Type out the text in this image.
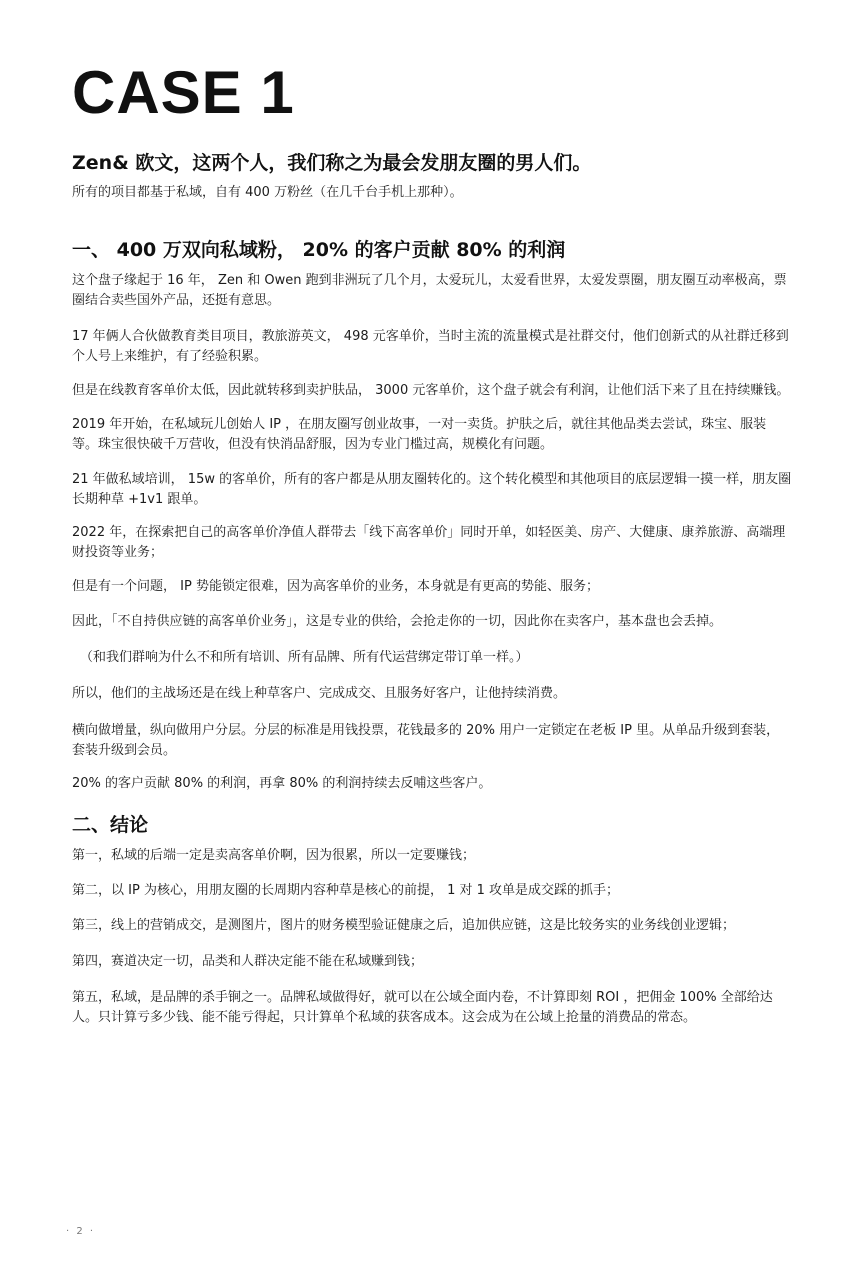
CASE 1
Zen& 欧文，这两个人，我们称之为最会发朋友圈的男人们。

所有的项目都基于私域，自有 400 万粉丝（在几千台手机上那种）。

一、 400 万双向私域粉， 20% 的客户贡献 80% 的利润

这个盘子缘起于 16 年， Zen 和 Owen 跑到非洲玩了几个月，太爱玩儿，太爱看世界，太爱发票圈，朋友圈互动率极高，票圈结合卖些国外产品，还挺有意思。

17 年俩人合伙做教育类目项目，教旅游英文， 498 元客单价，当时主流的流量模式是社群交付，他们创新式的从社群迁移到个人号上来维护，有了经验积累。

但是在线教育客单价太低，因此就转移到卖护肤品， 3000 元客单价，这个盘子就会有利润，让他们活下来了且在持续赚钱。

2019 年开始，在私域玩儿创始人 IP ，在朋友圈写创业故事，一对一卖货。护肤之后，就往其他品类去尝试，珠宝、服装等。珠宝很快破千万营收，但没有快消品舒服，因为专业门槛过高，规模化有问题。

21 年做私域培训， 15w 的客单价，所有的客户都是从朋友圈转化的。这个转化模型和其他项目的底层逻辑一摸一样，朋友圈长期种草 +1v1 跟单。

2022 年，在探索把自己的高客单价净值人群带去「线下高客单价」同时开单，如轻医美、房产、大健康、康养旅游、高端理财投资等业务；

但是有一个问题， IP 势能锁定很难，因为高客单价的业务，本身就是有更高的势能、服务；

因此，「不自持供应链的高客单价业务」，这是专业的供给，会抢走你的一切，因此你在卖客户，基本盘也会丢掉。

（和我们群响为什么不和所有培训、所有品牌、所有代运营绑定带订单一样。）

所以，他们的主战场还是在线上种草客户、完成成交、且服务好客户，让他持续消费。

横向做增量，纵向做用户分层。分层的标准是用钱投票，花钱最多的 20% 用户一定锁定在老板 IP 里。从单品升级到套装，套装升级到会员。

20% 的客户贡献 80% 的利润，再拿 80% 的利润持续去反哺这些客户。

二、结论

第一，私域的后端一定是卖高客单价啊，因为很累，所以一定要赚钱；

第二，以 IP 为核心，用朋友圈的长周期内容种草是核心的前提， 1 对 1 攻单是成交踩的抓手；

第三，线上的营销成交，是测图片，图片的财务模型验证健康之后，追加供应链，这是比较务实的业务线创业逻辑；

第四，赛道决定一切，品类和人群决定能不能在私域赚到钱；

第五，私域，是品牌的杀手锏之一。品牌私域做得好，就可以在公域全面内卷，不计算即刻 ROI ，把佣金 100% 全部给达人。只计算亏多少钱、能不能亏得起，只计算单个私域的获客成本。这会成为在公域上抢量的消费品的常态。

· 2 ·
